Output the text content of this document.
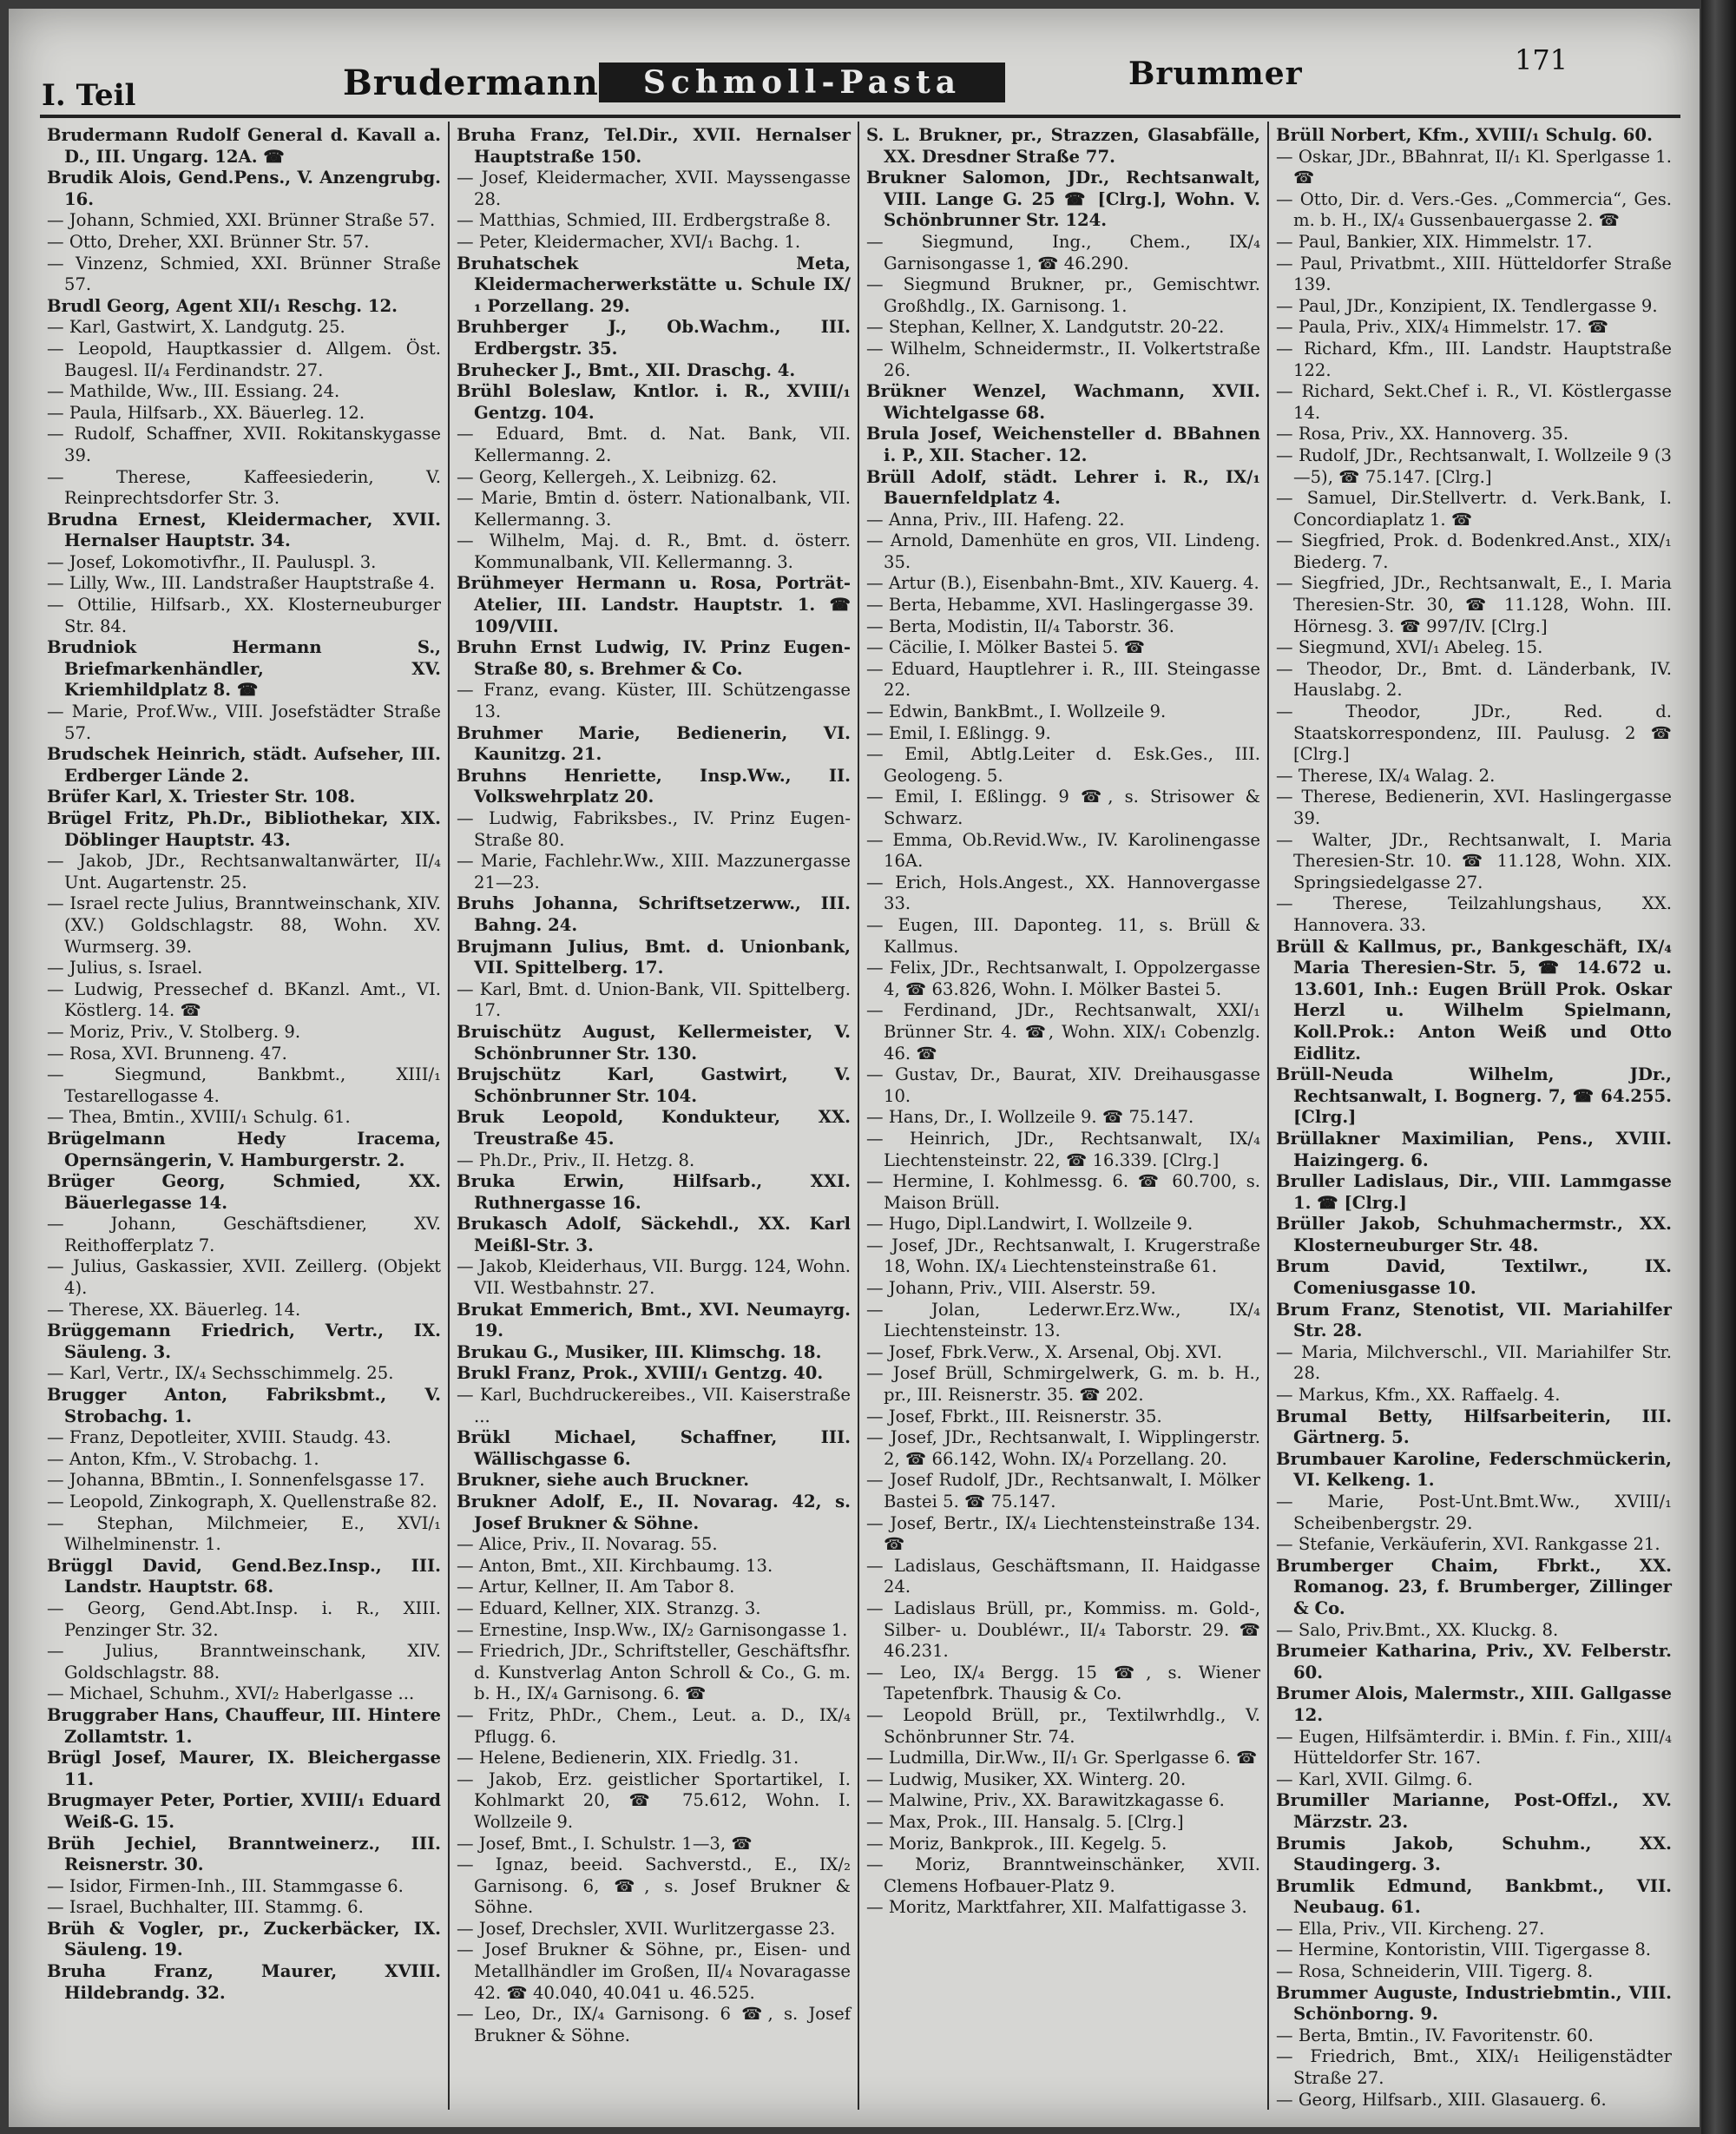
I. Teil	Brudermann	Schmoll-Pasta	Brummer	171

Brudermann Rudolf General d. Kavall a. D., III. Ungarg. 12A. ☎

Brudik Alois, Gend.Pens., V. Anzengrubg. 16.

— Johann, Schmied, XXI. Brünner Straße 57.

— Otto, Dreher, XXI. Brünner Str. 57.

— Vinzenz, Schmied, XXI. Brünner Straße 57.

Brudl Georg, Agent XII/₁ Reschg. 12.

— Karl, Gastwirt, X. Landgutg. 25.

— Leopold, Hauptkassier d. Allgem. Öst. Baugesl. II/₄ Ferdinandstr. 27.

— Mathilde, Ww., III. Essiang. 24.

— Paula, Hilfsarb., XX. Bäuerleg. 12.

— Rudolf, Schaffner, XVII. Rokitanskygasse 39.

— Therese, Kaffeesiederin, V. Reinprechtsdorfer Str. 3.

Brudna Ernest, Kleidermacher, XVII. Hernalser Hauptstr. 34.

— Josef, Lokomotivfhr., II. Pauluspl. 3.

— Lilly, Ww., III. Landstraßer Hauptstraße 4.

— Ottilie, Hilfsarb., XX. Klosterneuburger Str. 84.

Brudniok Hermann S., Briefmarkenhändler, XV. Kriemhildplatz 8. ☎

— Marie, Prof.Ww., VIII. Josefstädter Straße 57.

Brudschek Heinrich, städt. Aufseher, III. Erdberger Lände 2.

Brüfer Karl, X. Triester Str. 108.

Brügel Fritz, Ph.Dr., Bibliothekar, XIX. Döblinger Hauptstr. 43.

— Jakob, JDr., Rechtsanwaltanwärter, II/₄ Unt. Augartenstr. 25.

— Israel recte Julius, Branntweinschank, XIV. (XV.) Goldschlagstr. 88, Wohn. XV. Wurmserg. 39.

— Julius, s. Israel.

— Ludwig, Pressechef d. BKanzl. Amt., VI. Köstlerg. 14. ☎

— Moriz, Priv., V. Stolberg. 9.

— Rosa, XVI. Brunneng. 47.

— Siegmund, Bankbmt., XIII/₁ Testarellogasse 4.

— Thea, Bmtin., XVIII/₁ Schulg. 61.

Brügelmann Hedy Iracema, Opernsängerin, V. Hamburgerstr. 2.

Brüger Georg, Schmied, XX. Bäuerlegasse 14.

— Johann, Geschäftsdiener, XV. Reithofferplatz 7.

— Julius, Gaskassier, XVII. Zeillerg. (Objekt 4).

— Therese, XX. Bäuerleg. 14.

Brüggemann Friedrich, Vertr., IX. Säuleng. 3.

— Karl, Vertr., IX/₄ Sechsschimmelg. 25.

Brugger Anton, Fabriksbmt., V. Strobachg. 1.

— Franz, Depotleiter, XVIII. Staudg. 43.

— Anton, Kfm., V. Strobachg. 1.

— Johanna, BBmtin., I. Sonnenfelsgasse 17.

— Leopold, Zinkograph, X. Quellenstraße 82.

— Stephan, Milchmeier, E., XVI/₁ Wilhelminenstr. 1.

Brüggl David, Gend.Bez.Insp., III. Landstr. Hauptstr. 68.

— Georg, Gend.Abt.Insp. i. R., XIII. Penzinger Str. 32.

— Julius, Branntweinschank, XIV. Goldschlagstr. 88.

— Michael, Schuhm., XVI/₂ Haberlgasse ...

Bruggraber Hans, Chauffeur, III. Hintere Zollamtstr. 1.

Brügl Josef, Maurer, IX. Bleichergasse 11.

Brugmayer Peter, Portier, XVIII/₁ Eduard Weiß-G. 15.

Brüh Jechiel, Branntweinerz., III. Reisnerstr. 30.

— Isidor, Firmen-Inh., III. Stammgasse 6.

— Israel, Buchhalter, III. Stammg. 6.

Brüh & Vogler, pr., Zuckerbäcker, IX. Säuleng. 19.

Bruha Franz, Maurer, XVIII. Hildebrandg. 32.

Bruha Franz, Tel.Dir., XVII. Hernalser Hauptstraße 150.

— Josef, Kleidermacher, XVII. Mayssengasse 28.

— Matthias, Schmied, III. Erdbergstraße 8.

— Peter, Kleidermacher, XVI/₁ Bachg. 1.

Bruhatschek Meta, Kleidermacherwerkstätte u. Schule IX/₁ Porzellang. 29.

Bruhberger J., Ob.Wachm., III. Erdbergstr. 35.

Bruhecker J., Bmt., XII. Draschg. 4.

Brühl Boleslaw, Kntlor. i. R., XVIII/₁ Gentzg. 104.

— Eduard, Bmt. d. Nat. Bank, VII. Kellermanng. 2.

— Georg, Kellergeh., X. Leibnizg. 62.

— Marie, Bmtin d. österr. Nationalbank, VII. Kellermanng. 3.

— Wilhelm, Maj. d. R., Bmt. d. österr. Kommunalbank, VII. Kellermanng. 3.

Brühmeyer Hermann u. Rosa, Porträt-Atelier, III. Landstr. Hauptstr. 1. ☎ 109/VIII.

Bruhn Ernst Ludwig, IV. Prinz Eugen-Straße 80, s. Brehmer & Co.

— Franz, evang. Küster, III. Schützengasse 13.

Bruhmer Marie, Bedienerin, VI. Kaunitzg. 21.

Bruhns Henriette, Insp.Ww., II. Volkswehrplatz 20.

— Ludwig, Fabriksbes., IV. Prinz Eugen-Straße 80.

— Marie, Fachlehr.Ww., XIII. Mazzunergasse 21—23.

Bruhs Johanna, Schriftsetzerww., III. Bahng. 24.

Brujmann Julius, Bmt. d. Unionbank, VII. Spittelberg. 17.

— Karl, Bmt. d. Union-Bank, VII. Spittelberg. 17.

Bruischütz August, Kellermeister, V. Schönbrunner Str. 130.

Brujschütz Karl, Gastwirt, V. Schönbrunner Str. 104.

Bruk Leopold, Kondukteur, XX. Treustraße 45.

— Ph.Dr., Priv., II. Hetzg. 8.

Bruka Erwin, Hilfsarb., XXI. Ruthnergasse 16.

Brukasch Adolf, Säckehdl., XX. Karl Meißl-Str. 3.

— Jakob, Kleiderhaus, VII. Burgg. 124, Wohn. VII. Westbahnstr. 27.

Brukat Emmerich, Bmt., XVI. Neumayrg. 19.

Brukau G., Musiker, III. Klimschg. 18.

Brukl Franz, Prok., XVIII/₁ Gentzg. 40.

— Karl, Buchdruckereibes., VII. Kaiserstraße ...

Brükl Michael, Schaffner, III. Wällischgasse 6.

Brukner, siehe auch Bruckner.

Brukner Adolf, E., II. Novarag. 42, s. Josef Brukner & Söhne.

— Alice, Priv., II. Novarag. 55.

— Anton, Bmt., XII. Kirchbaumg. 13.

— Artur, Kellner, II. Am Tabor 8.

— Eduard, Kellner, XIX. Stranzg. 3.

— Ernestine, Insp.Ww., IX/₂ Garnisongasse 1.

— Friedrich, JDr., Schriftsteller, Geschäftsfhr. d. Kunstverlag Anton Schroll & Co., G. m. b. H., IX/₄ Garnisong. 6. ☎

— Fritz, PhDr., Chem., Leut. a. D., IX/₄ Pflugg. 6.

— Helene, Bedienerin, XIX. Friedlg. 31.

— Jakob, Erz. geistlicher Sportartikel, I. Kohlmarkt 20, ☎ 75.612, Wohn. I. Wollzeile 9.

— Josef, Bmt., I. Schulstr. 1—3, ☎

— Ignaz, beeid. Sachverstd., E., IX/₂ Garnisong. 6, ☎, s. Josef Brukner & Söhne.

— Josef, Drechsler, XVII. Wurlitzergasse 23.

— Josef Brukner & Söhne, pr., Eisen- und Metallhändler im Großen, II/₄ Novaragasse 42. ☎ 40.040, 40.041 u. 46.525.

— Leo, Dr., IX/₄ Garnisong. 6 ☎, s. Josef Brukner & Söhne.

S. L. Brukner, pr., Strazzen, Glasabfälle, XX. Dresdner Straße 77.

Brukner Salomon, JDr., Rechtsanwalt, VIII. Lange G. 25 ☎ [Clrg.], Wohn. V. Schönbrunner Str. 124.

— Siegmund, Ing., Chem., IX/₄ Garnisongasse 1, ☎ 46.290.

— Siegmund Brukner, pr., Gemischtwr. Großhdlg., IX. Garnisong. 1.

— Stephan, Kellner, X. Landgutstr. 20-22.

— Wilhelm, Schneidermstr., II. Volkertstraße 26.

Brükner Wenzel, Wachmann, XVII. Wichtelgasse 68.

Brula Josef, Weichensteller d. BBahnen i. P., XII. Stachег. 12.

Brüll Adolf, städt. Lehrer i. R., IX/₁ Bauernfeldplatz 4.

— Anna, Priv., III. Hafeng. 22.

— Arnold, Damenhüte en gros, VII. Lindeng. 35.

— Artur (B.), Eisenbahn-Bmt., XIV. Kauerg. 4.

— Berta, Hebamme, XVI. Haslingergasse 39.

— Berta, Modistin, II/₄ Taborstr. 36.

— Cäcilie, I. Mölker Bastei 5. ☎

— Eduard, Hauptlehrer i. R., III. Steingasse 22.

— Edwin, BankBmt., I. Wollzeile 9.

— Emil, I. Eßlingg. 9.

— Emil, Abtlg.Leiter d. Esk.Ges., III. Geologeng. 5.

— Emil, I. Eßlingg. 9 ☎, s. Strisower & Schwarz.

— Emma, Ob.Revid.Ww., IV. Karolinengasse 16A.

— Erich, Hols.Angest., XX. Hannovergasse 33.

— Eugen, III. Daponteg. 11, s. Brüll & Kallmus.

— Felix, JDr., Rechtsanwalt, I. Oppolzergasse 4, ☎ 63.826, Wohn. I. Mölker Bastei 5.

— Ferdinand, JDr., Rechtsanwalt, XXI/₁ Brünner Str. 4. ☎, Wohn. XIX/₁ Cobenzlg. 46. ☎

— Gustav, Dr., Baurat, XIV. Dreihausgasse 10.

— Hans, Dr., I. Wollzeile 9. ☎ 75.147.

— Heinrich, JDr., Rechtsanwalt, IX/₄ Liechtensteinstr. 22, ☎ 16.339. [Clrg.]

— Hermine, I. Kohlmessg. 6. ☎ 60.700, s. Maison Brüll.

— Hugo, Dipl.Landwirt, I. Wollzeile 9.

— Josef, JDr., Rechtsanwalt, I. Krugerstraße 18, Wohn. IX/₄ Liechtensteinstraße 61.

— Johann, Priv., VIII. Alserstr. 59.

— Jolan, Lederwr.Erz.Ww., IX/₄ Liechtensteinstr. 13.

— Josef, Fbrk.Verw., X. Arsenal, Obj. XVI.

— Josef Brüll, Schmirgelwerk, G. m. b. H., pr., III. Reisnerstr. 35. ☎ 202.

— Josef, Fbrkt., III. Reisnerstr. 35.

— Josef, JDr., Rechtsanwalt, I. Wipplingerstr. 2, ☎ 66.142, Wohn. IX/₄ Porzellang. 20.

— Josef Rudolf, JDr., Rechtsanwalt, I. Mölker Bastei 5. ☎ 75.147.

— Josef, Bertr., IX/₄ Liechtensteinstraße 134. ☎

— Ladislaus, Geschäftsmann, II. Haidgasse 24.

— Ladislaus Brüll, pr., Kommiss. m. Gold-, Silber- u. Doubléwr., II/₄ Taborstr. 29. ☎ 46.231.

— Leo, IX/₄ Bergg. 15 ☎, s. Wiener Tapetenfbrk. Thausig & Co.

— Leopold Brüll, pr., Textilwrhdlg., V. Schönbrunner Str. 74.

— Ludmilla, Dir.Ww., II/₁ Gr. Sperlgasse 6. ☎

— Ludwig, Musiker, XX. Winterg. 20.

— Malwine, Priv., XX. Barawitzkagasse 6.

— Max, Prok., III. Hansalg. 5. [Clrg.]

— Moriz, Bankprok., III. Kegelg. 5.

— Moriz, Branntweinschänker, XVII. Clemens Hofbauer-Platz 9.

— Moritz, Marktfahrer, XII. Malfattigasse 3.

Brüll Norbert, Kfm., XVIII/₁ Schulg. 60.

— Oskar, JDr., BBahnrat, II/₁ Kl. Sperlgasse 1. ☎

— Otto, Dir. d. Vers.-Ges. „Commercia“, Ges. m. b. H., IX/₄ Gussenbauergasse 2. ☎

— Paul, Bankier, XIX. Himmelstr. 17.

— Paul, Privatbmt., XIII. Hütteldorfer Straße 139.

— Paul, JDr., Konzipient, IX. Tendlergasse 9.

— Paula, Priv., XIX/₄ Himmelstr. 17. ☎

— Richard, Kfm., III. Landstr. Hauptstraße 122.

— Richard, Sekt.Chef i. R., VI. Köstlergasse 14.

— Rosa, Priv., XX. Hannoverg. 35.

— Rudolf, JDr., Rechtsanwalt, I. Wollzeile 9 (3—5), ☎ 75.147. [Clrg.]

— Samuel, Dir.Stellvertr. d. Verk.Bank, I. Concordiaplatz 1. ☎

— Siegfried, Prok. d. Bodenkred.Anst., XIX/₁ Biederg. 7.

— Siegfried, JDr., Rechtsanwalt, E., I. Maria Theresien-Str. 30, ☎ 11.128, Wohn. III. Hörnesg. 3. ☎ 997/IV. [Clrg.]

— Siegmund, XVI/₁ Abeleg. 15.

— Theodor, Dr., Bmt. d. Länderbank, IV. Hauslabg. 2.

— Theodor, JDr., Red. d. Staatskorrespondenz, III. Paulusg. 2 ☎ [Clrg.]

— Therese, IX/₄ Walag. 2.

— Therese, Bedienerin, XVI. Haslingergasse 39.

— Walter, JDr., Rechtsanwalt, I. Maria Theresien-Str. 10. ☎ 11.128, Wohn. XIX. Springsiedelgasse 27.

— Therese, Teilzahlungshaus, XX. Hannovera. 33.

Brüll & Kallmus, pr., Bankgeschäft, IX/₄ Maria Theresien-Str. 5, ☎ 14.672 u. 13.601, Inh.: Eugen Brüll Prok. Oskar Herzl u. Wilhelm Spielmann, Koll.Prok.: Anton Weiß und Otto Eidlitz.

Brüll-Neuda Wilhelm, JDr., Rechtsanwalt, I. Bognerg. 7, ☎ 64.255. [Clrg.]

Brüllakner Maximilian, Pens., XVIII. Haizingerg. 6.

Bruller Ladislaus, Dir., VIII. Lammgasse 1. ☎ [Clrg.]

Brüller Jakob, Schuhmachermstr., XX. Klosterneuburger Str. 48.

Brum David, Textilwr., IX. Comeniusgasse 10.

Brum Franz, Stenotist, VII. Mariahilfer Str. 28.

— Maria, Milchverschl., VII. Mariahilfer Str. 28.

— Markus, Kfm., XX. Raffaelg. 4.

Brumal Betty, Hilfsarbeiterin, III. Gärtnerg. 5.

Brumbauer Karoline, Federschmückerin, VI. Kelkeng. 1.

— Marie, Post-Unt.Bmt.Ww., XVIII/₁ Scheibenbergstr. 29.

— Stefanie, Verkäuferin, XVI. Rankgasse 21.

Brumberger Chaim, Fbrkt., XX. Romanog. 23, f. Brumberger, Zillinger & Co.

— Salo, Priv.Bmt., XX. Kluckg. 8.

Brumeier Katharina, Priv., XV. Felberstr. 60.

Brumer Alois, Malermstr., XIII. Gallgasse 12.

— Eugen, Hilfsämterdir. i. BMin. f. Fin., XIII/₄ Hütteldorfer Str. 167.

— Karl, XVII. Gilmg. 6.

Brumiller Marianne, Post-Offzl., XV. Märzstr. 23.

Brumis Jakob, Schuhm., XX. Staudingerg. 3.

Brumlik Edmund, Bankbmt., VII. Neubaug. 61.

— Ella, Priv., VII. Kircheng. 27.

— Hermine, Kontoristin, VIII. Tigergasse 8.

— Rosa, Schneiderin, VIII. Tigerg. 8.

Brummer Auguste, Industriebmtin., VIII. Schönborng. 9.

— Berta, Bmtin., IV. Favoritenstr. 60.

— Friedrich, Bmt., XIX/₁ Heiligenstädter Straße 27.

— Georg, Hilfsarb., XIII. Glasauerg. 6.
